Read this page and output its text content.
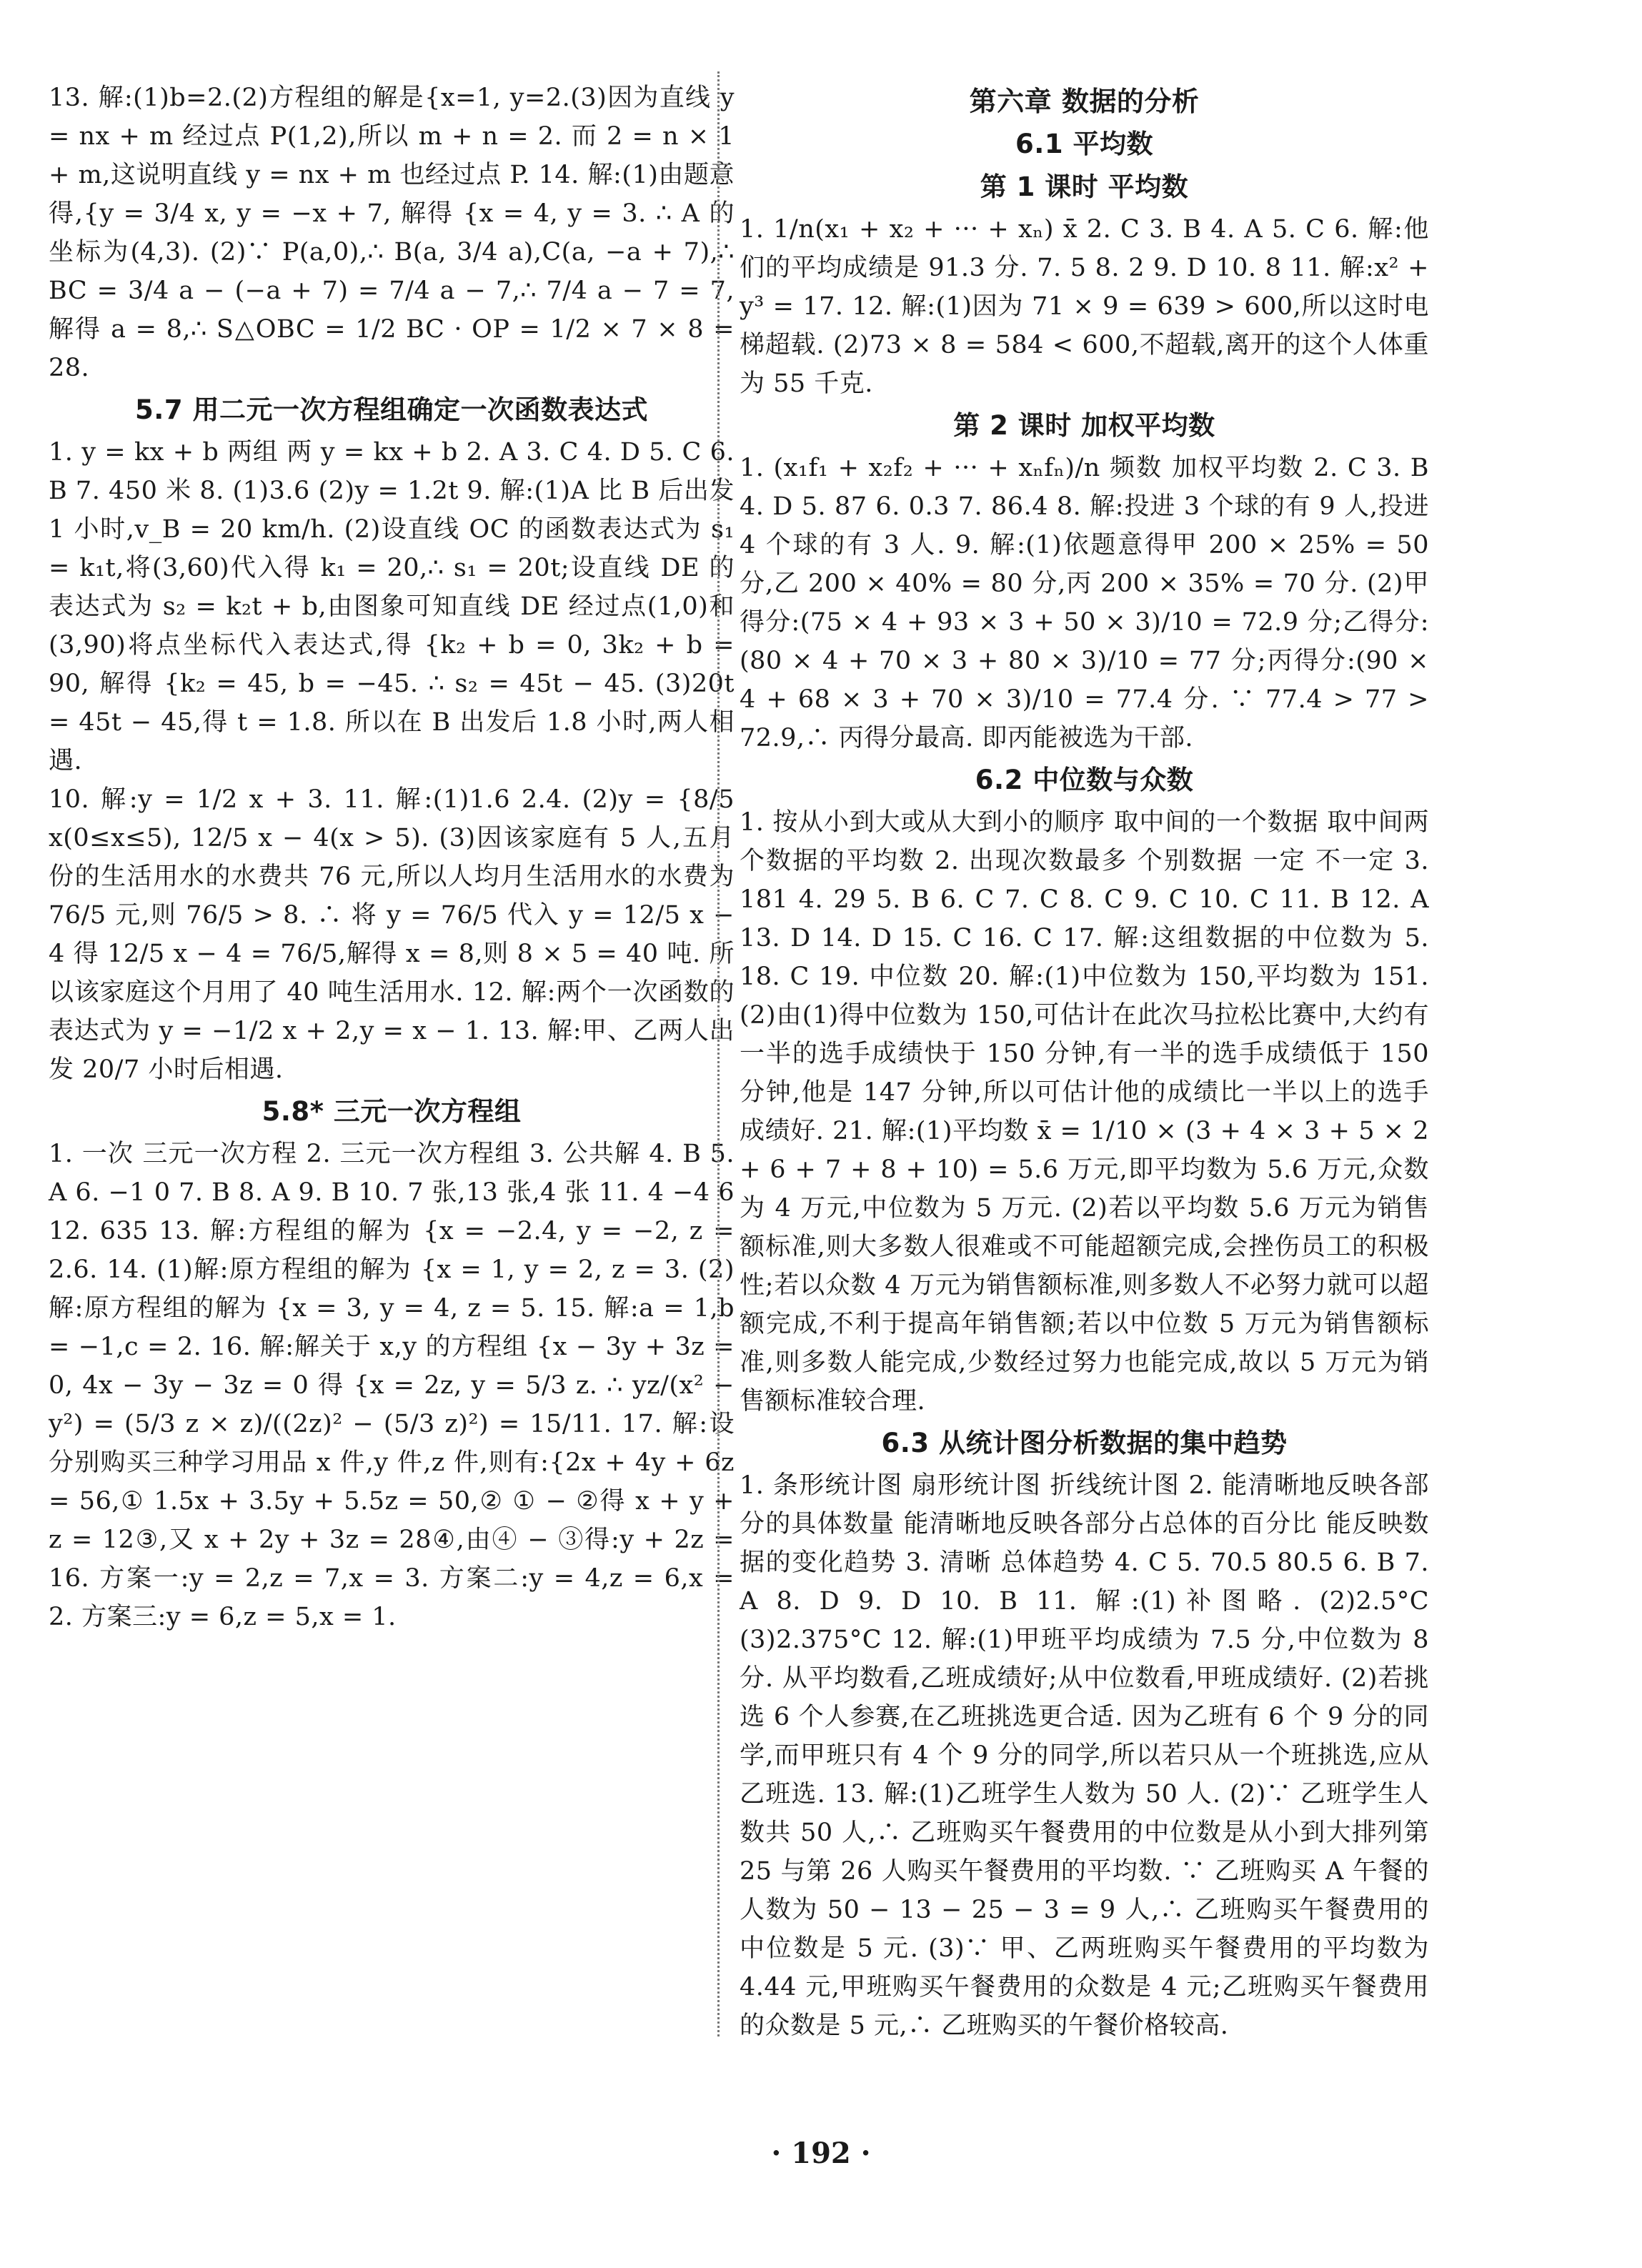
13. 解:(1)b=2.(2)方程组的解是{x=1, y=2.(3)因为直线 y = nx + m 经过点 P(1,2),所以 m + n = 2. 而 2 = n × 1 + m,这说明直线 y = nx + m 也经过点 P. 14. 解:(1)由题意得,{y = 3/4 x, y = −x + 7, 解得 {x = 4, y = 3. ∴ A 的坐标为(4,3). (2)∵ P(a,0),∴ B(a, 3/4 a),C(a, −a + 7),∴ BC = 3/4 a − (−a + 7) = 7/4 a − 7,∴ 7/4 a − 7 = 7,解得 a = 8,∴ S△OBC = 1/2 BC · OP = 1/2 × 7 × 8 = 28.

5.7 用二元一次方程组确定一次函数表达式

1. y = kx + b 两组 两 y = kx + b 2. A 3. C 4. D 5. C 6. B 7. 450 米 8. (1)3.6 (2)y = 1.2t 9. 解:(1)A 比 B 后出发 1 小时,v_B = 20 km/h. (2)设直线 OC 的函数表达式为 s₁ = k₁t,将(3,60)代入得 k₁ = 20,∴ s₁ = 20t;设直线 DE 的表达式为 s₂ = k₂t + b,由图象可知直线 DE 经过点(1,0)和(3,90)将点坐标代入表达式,得 {k₂ + b = 0, 3k₂ + b = 90, 解得 {k₂ = 45, b = −45. ∴ s₂ = 45t − 45. (3)20t = 45t − 45,得 t = 1.8. 所以在 B 出发后 1.8 小时,两人相遇.

10. 解:y = 1/2 x + 3. 11. 解:(1)1.6 2.4. (2)y = {8/5 x(0≤x≤5), 12/5 x − 4(x > 5). (3)因该家庭有 5 人,五月份的生活用水的水费共 76 元,所以人均月生活用水的水费为 76/5 元,则 76/5 > 8. ∴ 将 y = 76/5 代入 y = 12/5 x − 4 得 12/5 x − 4 = 76/5,解得 x = 8,则 8 × 5 = 40 吨. 所以该家庭这个月用了 40 吨生活用水. 12. 解:两个一次函数的表达式为 y = −1/2 x + 2,y = x − 1. 13. 解:甲、乙两人出发 20/7 小时后相遇.

5.8* 三元一次方程组

1. 一次 三元一次方程 2. 三元一次方程组 3. 公共解 4. B 5. A 6. −1 0 7. B 8. A 9. B 10. 7 张,13 张,4 张 11. 4 −4 6 12. 635 13. 解:方程组的解为 {x = −2.4, y = −2, z = 2.6. 14. (1)解:原方程组的解为 {x = 1, y = 2, z = 3. (2)解:原方程组的解为 {x = 3, y = 4, z = 5. 15. 解:a = 1,b = −1,c = 2. 16. 解:解关于 x,y 的方程组 {x − 3y + 3z = 0, 4x − 3y − 3z = 0 得 {x = 2z, y = 5/3 z. ∴ yz/(x² − y²) = (5/3 z × z)/((2z)² − (5/3 z)²) = 15/11. 17. 解:设分别购买三种学习用品 x 件,y 件,z 件,则有:{2x + 4y + 6z = 56,① 1.5x + 3.5y + 5.5z = 50,② ① − ②得 x + y + z = 12③,又 x + 2y + 3z = 28④,由④ − ③得:y + 2z = 16. 方案一:y = 2,z = 7,x = 3. 方案二:y = 4,z = 6,x = 2. 方案三:y = 6,z = 5,x = 1.

第六章 数据的分析
6.1 平均数
第 1 课时 平均数

1. 1/n(x₁ + x₂ + ··· + xₙ) x̄ 2. C 3. B 4. A 5. C 6. 解:他们的平均成绩是 91.3 分. 7. 5 8. 2 9. D 10. 8 11. 解:x² + y³ = 17. 12. 解:(1)因为 71 × 9 = 639 > 600,所以这时电梯超载. (2)73 × 8 = 584 < 600,不超载,离开的这个人体重为 55 千克.

第 2 课时 加权平均数

1. (x₁f₁ + x₂f₂ + ··· + xₙfₙ)/n 频数 加权平均数 2. C 3. B 4. D 5. 87 6. 0.3 7. 86.4 8. 解:投进 3 个球的有 9 人,投进 4 个球的有 3 人. 9. 解:(1)依题意得甲 200 × 25% = 50 分,乙 200 × 40% = 80 分,丙 200 × 35% = 70 分. (2)甲得分:(75 × 4 + 93 × 3 + 50 × 3)/10 = 72.9 分;乙得分:(80 × 4 + 70 × 3 + 80 × 3)/10 = 77 分;丙得分:(90 × 4 + 68 × 3 + 70 × 3)/10 = 77.4 分. ∵ 77.4 > 77 > 72.9,∴ 丙得分最高. 即丙能被选为干部.

6.2 中位数与众数

1. 按从小到大或从大到小的顺序 取中间的一个数据 取中间两个数据的平均数 2. 出现次数最多 个别数据 一定 不一定 3. 181 4. 29 5. B 6. C 7. C 8. C 9. C 10. C 11. B 12. A 13. D 14. D 15. C 16. C 17. 解:这组数据的中位数为 5. 18. C 19. 中位数 20. 解:(1)中位数为 150,平均数为 151. (2)由(1)得中位数为 150,可估计在此次马拉松比赛中,大约有一半的选手成绩快于 150 分钟,有一半的选手成绩低于 150 分钟,他是 147 分钟,所以可估计他的成绩比一半以上的选手成绩好. 21. 解:(1)平均数 x̄ = 1/10 × (3 + 4 × 3 + 5 × 2 + 6 + 7 + 8 + 10) = 5.6 万元,即平均数为 5.6 万元,众数为 4 万元,中位数为 5 万元. (2)若以平均数 5.6 万元为销售额标准,则大多数人很难或不可能超额完成,会挫伤员工的积极性;若以众数 4 万元为销售额标准,则多数人不必努力就可以超额完成,不利于提高年销售额;若以中位数 5 万元为销售额标准,则多数人能完成,少数经过努力也能完成,故以 5 万元为销售额标准较合理.

6.3 从统计图分析数据的集中趋势

1. 条形统计图 扇形统计图 折线统计图 2. 能清晰地反映各部分的具体数量 能清晰地反映各部分占总体的百分比 能反映数据的变化趋势 3. 清晰 总体趋势 4. C 5. 70.5 80.5 6. B 7. A 8. D 9. D 10. B 11. 解:(1)补图略. (2)2.5°C (3)2.375°C 12. 解:(1)甲班平均成绩为 7.5 分,中位数为 8 分. 从平均数看,乙班成绩好;从中位数看,甲班成绩好. (2)若挑选 6 个人参赛,在乙班挑选更合适. 因为乙班有 6 个 9 分的同学,而甲班只有 4 个 9 分的同学,所以若只从一个班挑选,应从乙班选. 13. 解:(1)乙班学生人数为 50 人. (2)∵ 乙班学生人数共 50 人,∴ 乙班购买午餐费用的中位数是从小到大排列第 25 与第 26 人购买午餐费用的平均数. ∵ 乙班购买 A 午餐的人数为 50 − 13 − 25 − 3 = 9 人,∴ 乙班购买午餐费用的中位数是 5 元. (3)∵ 甲、乙两班购买午餐费用的平均数为 4.44 元,甲班购买午餐费用的众数是 4 元;乙班购买午餐费用的众数是 5 元,∴ 乙班购买的午餐价格较高.

· 192 ·
